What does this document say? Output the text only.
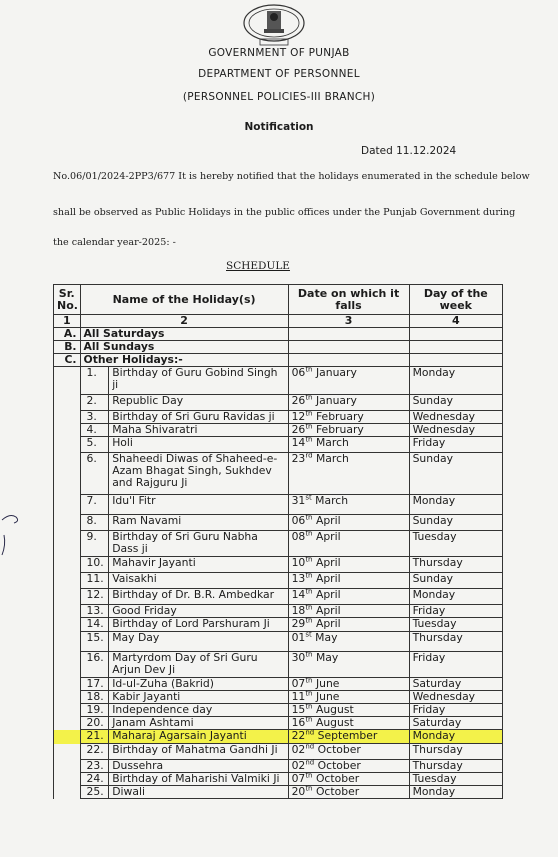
GOVERNMENT OF PUNJAB
DEPARTMENT OF PERSONNEL
(PERSONNEL POLICIES-III BRANCH)
Notification
Dated 11.12.2024
No.06/01/2024-2PP3/677 It is hereby notified that the holidays enumerated in the schedule below
shall be observed as Public Holidays in the public offices under the Punjab Government during
the calendar year-2025: -
SCHEDULE
Sr. No.	Name of the Holiday(s)		Date on which it falls	Day of the week
1	2		3	4
A.	All Saturdays			
B.	All Sundays			
C.	Other Holidays:-			
	1.	Birthday of Guru Gobind Singh ji	06th January	Monday
	2.	Republic Day	26th January	Sunday
	3.	Birthday of Sri Guru Ravidas ji	12th February	Wednesday
	4.	Maha Shivaratri	26th February	Wednesday
	5.	Holi	14th March	Friday
	6.	Shaheedi Diwas of Shaheed-e-Azam Bhagat Singh, Sukhdev and Rajguru Ji	23rd March	Sunday
	7.	Idu'l Fitr	31st March	Monday
	8.	Ram Navami	06th April	Sunday
	9.	Birthday of Sri Guru Nabha Dass ji	08th April	Tuesday
	10.	Mahavir Jayanti	10th April	Thursday
	11.	Vaisakhi	13th April	Sunday
	12.	Birthday of Dr. B.R. Ambedkar	14th April	Monday
	13.	Good Friday	18th April	Friday
	14.	Birthday of Lord Parshuram Ji	29th April	Tuesday
	15.	May Day	01st May	Thursday
	16.	Martyrdom Day of Sri Guru Arjun Dev Ji	30th May	Friday
	17.	Id-ul-Zuha (Bakrid)	07th June	Saturday
	18.	Kabir Jayanti	11th June	Wednesday
	19.	Independence day	15th August	Friday
	20.	Janam Ashtami	16th August	Saturday
	21.	Maharaj Agarsain Jayanti	22nd September	Monday
	22.	Birthday of Mahatma Gandhi Ji	02nd October	Thursday
	23.	Dussehra	02nd October	Thursday
	24.	Birthday of Maharishi Valmiki Ji	07th October	Tuesday
	25.	Diwali	20th October	Monday
